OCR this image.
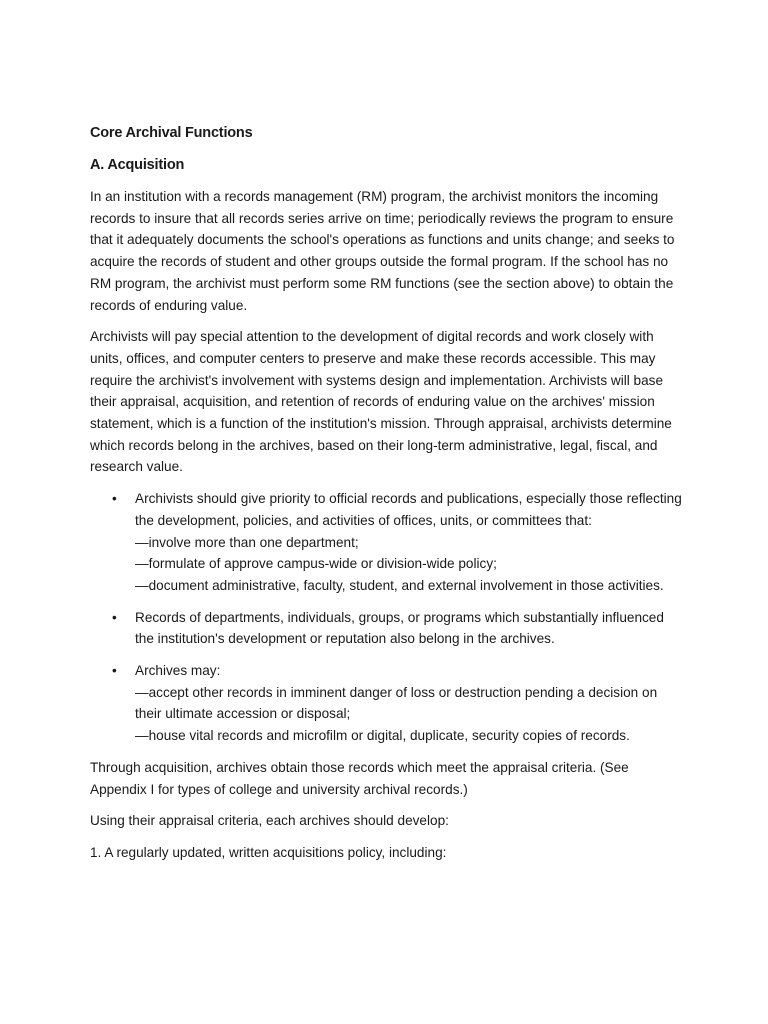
Core Archival Functions
A. Acquisition

In an institution with a records management (RM) program, the archivist monitors the incoming records to insure that all records series arrive on time; periodically reviews the program to ensure that it adequately documents the school's operations as functions and units change; and seeks to acquire the records of student and other groups outside the formal program. If the school has no RM program, the archivist must perform some RM functions (see the section above) to obtain the records of enduring value.

Archivists will pay special attention to the development of digital records and work closely with units, offices, and computer centers to preserve and make these records accessible. This may require the archivist's involvement with systems design and implementation. Archivists will base their appraisal, acquisition, and retention of records of enduring value on the archives' mission statement, which is a function of the institution's mission. Through appraisal, archivists determine which records belong in the archives, based on their long-term administrative, legal, fiscal, and research value.

• Archivists should give priority to official records and publications, especially those reflecting the development, policies, and activities of offices, units, or committees that:
—involve more than one department;
—formulate of approve campus-wide or division-wide policy;
—document administrative, faculty, student, and external involvement in those activities.
• Records of departments, individuals, groups, or programs which substantially influenced the institution's development or reputation also belong in the archives.
• Archives may:
—accept other records in imminent danger of loss or destruction pending a decision on their ultimate accession or disposal;
—house vital records and microfilm or digital, duplicate, security copies of records.

Through acquisition, archives obtain those records which meet the appraisal criteria. (See Appendix I for types of college and university archival records.)

Using their appraisal criteria, each archives should develop:

1. A regularly updated, written acquisitions policy, including:
